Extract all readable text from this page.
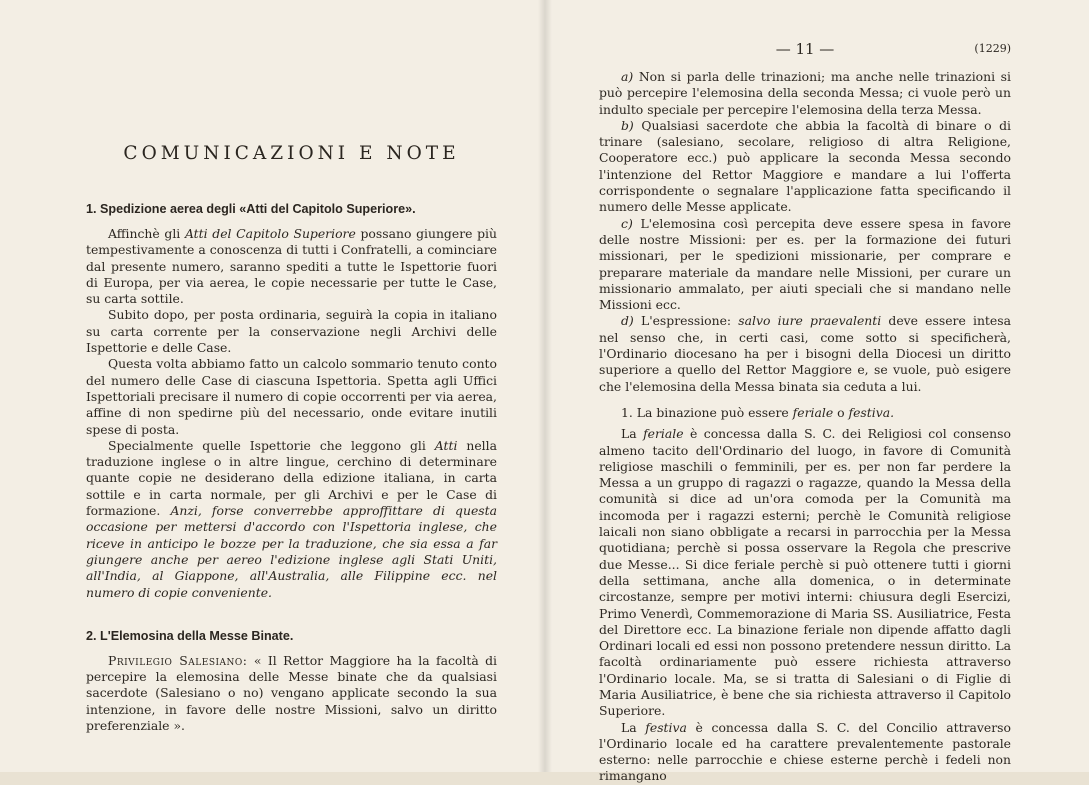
COMUNICAZIONI E NOTE
1. Spedizione aerea degli «Atti del Capitolo Superiore».

Affinchè gli Atti del Capitolo Superiore possano giungere più tempestivamente a conoscenza di tutti i Confratelli, a cominciare dal presente numero, saranno spediti a tutte le Ispettorie fuori di Europa, per via aerea, le copie necessarie per tutte le Case, su carta sottile.

Subito dopo, per posta ordinaria, seguirà la copia in italiano su carta corrente per la conservazione negli Archivi delle Ispettorie e delle Case.

Questa volta abbiamo fatto un calcolo sommario tenuto conto del numero delle Case di ciascuna Ispettoria. Spetta agli Uffici Ispettoriali precisare il numero di copie occorrenti per via aerea, affine di non spedirne più del necessario, onde evitare inutili spese di posta.

Specialmente quelle Ispettorie che leggono gli Atti nella traduzione inglese o in altre lingue, cerchino di determinare quante copie ne desiderano della edizione italiana, in carta sottile e in carta normale, per gli Archivi e per le Case di formazione. Anzi, forse converrebbe approffittare di questa occasione per mettersi d'accordo con l'Ispettoria inglese, che riceve in anticipo le bozze per la traduzione, che sia essa a far giungere anche per aereo l'edizione inglese agli Stati Uniti, all'India, al Giappone, all'Australia, alle Filippine ecc. nel numero di copie conveniente.

2. L'Elemosina della Messe Binate.

Privilegio Salesiano: « Il Rettor Maggiore ha la facoltà di percepire la elemosina delle Messe binate che da qualsiasi sacerdote (Salesiano o no) vengano applicate secondo la sua intenzione, in favore delle nostre Missioni, salvo un diritto preferenziale ».

— 11 —	(1229)

a) Non si parla delle trinazioni; ma anche nelle trinazioni si può percepire l'elemosina della seconda Messa; ci vuole però un indulto speciale per percepire l'elemosina della terza Messa.

b) Qualsiasi sacerdote che abbia la facoltà di binare o di trinare (salesiano, secolare, religioso di altra Religione, Cooperatore ecc.) può applicare la seconda Messa secondo l'intenzione del Rettor Maggiore e mandare a lui l'offerta corrispondente o segnalare l'applicazione fatta specificando il numero delle Messe applicate.

c) L'elemosina così percepita deve essere spesa in favore delle nostre Missioni: per es. per la formazione dei futuri missionari, per le spedizioni missionarie, per comprare e preparare materiale da mandare nelle Missioni, per curare un missionario ammalato, per aiuti speciali che si mandano nelle Missioni ecc.

d) L'espressione: salvo iure praevalenti deve essere intesa nel senso che, in certi casi, come sotto si specificherà, l'Ordinario diocesano ha per i bisogni della Diocesi un diritto superiore a quello del Rettor Maggiore e, se vuole, può esigere che l'elemosina della Messa binata sia ceduta a lui.

1. La binazione può essere feriale o festiva.

La feriale è concessa dalla S. C. dei Religiosi col consenso almeno tacito dell'Ordinario del luogo, in favore di Comunità religiose maschili o femminili, per es. per non far perdere la Messa a un gruppo di ragazzi o ragazze, quando la Messa della comunità si dice ad un'ora comoda per la Comunità ma incomoda per i ragazzi esterni; perchè le Comunità religiose laicali non siano obbligate a recarsi in parrocchia per la Messa quotidiana; perchè si possa osservare la Regola che prescrive due Messe... Si dice feriale perchè si può ottenere tutti i giorni della settimana, anche alla domenica, o in determinate circostanze, sempre per motivi interni: chiusura degli Esercizi, Primo Venerdì, Commemorazione di Maria SS. Ausiliatrice, Festa del Direttore ecc. La binazione feriale non dipende affatto dagli Ordinari locali ed essi non possono pretendere nessun diritto. La facoltà ordinariamente può essere richiesta attraverso l'Ordinario locale. Ma, se si tratta di Salesiani o di Figlie di Maria Ausiliatrice, è bene che sia richiesta attraverso il Capitolo Superiore.

La festiva è concessa dalla S. C. del Concilio attraverso l'Ordinario locale ed ha carattere prevalentemente pastorale esterno: nelle parrocchie e chiese esterne perchè i fedeli non rimangano
